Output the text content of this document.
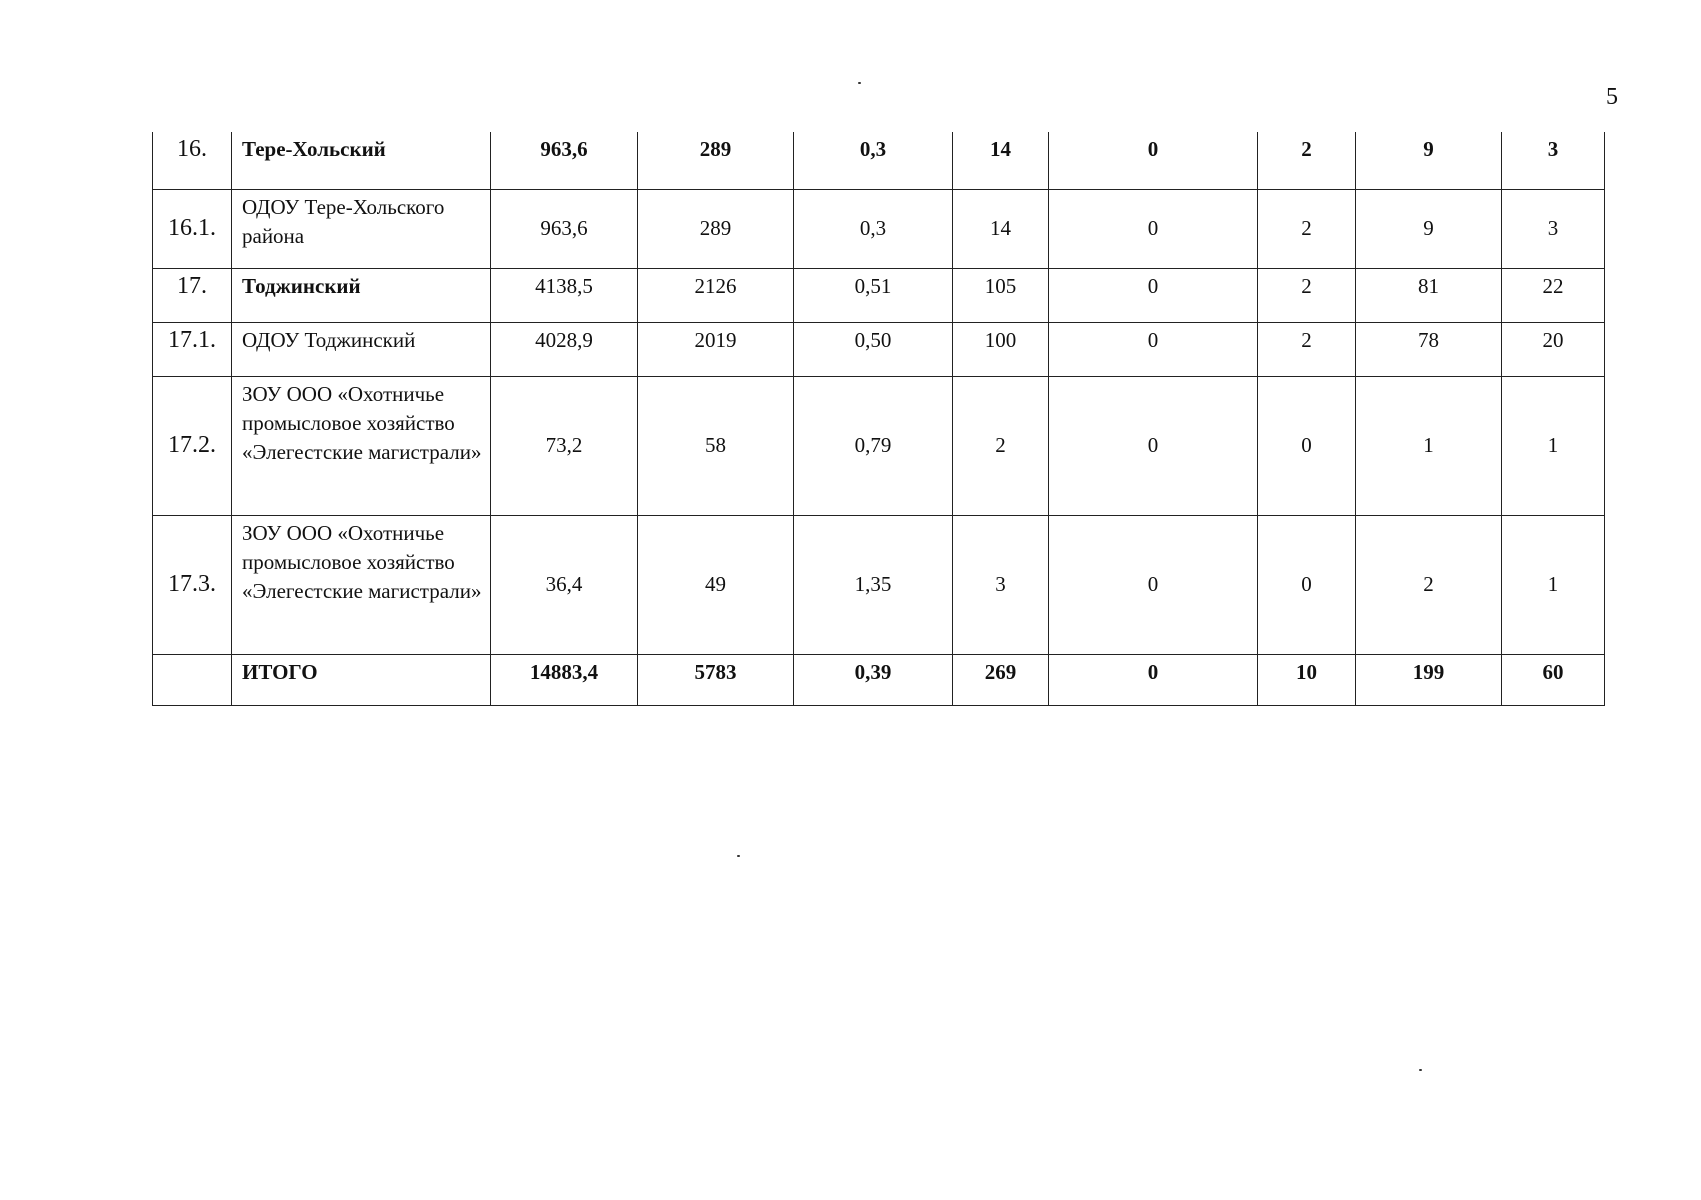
5
16.	Тере-Хольский	963,6	289	0,3	14	0	2	9	3
16.1.	ОДОУ Тере-Хольского района	963,6	289	0,3	14	0	2	9	3
17.	Тоджинский	4138,5	2126	0,51	105	0	2	81	22
17.1.	ОДОУ Тоджинский	4028,9	2019	0,50	100	0	2	78	20
17.2.	ЗОУ ООО «Охотничье промысловое хозяйство «Элегестские магистрали»	73,2	58	0,79	2	0	0	1	1
17.3.	ЗОУ ООО «Охотничье промысловое хозяйство «Элегестские магистрали»	36,4	49	1,35	3	0	0	2	1
	ИТОГО	14883,4	5783	0,39	269	0	10	199	60
